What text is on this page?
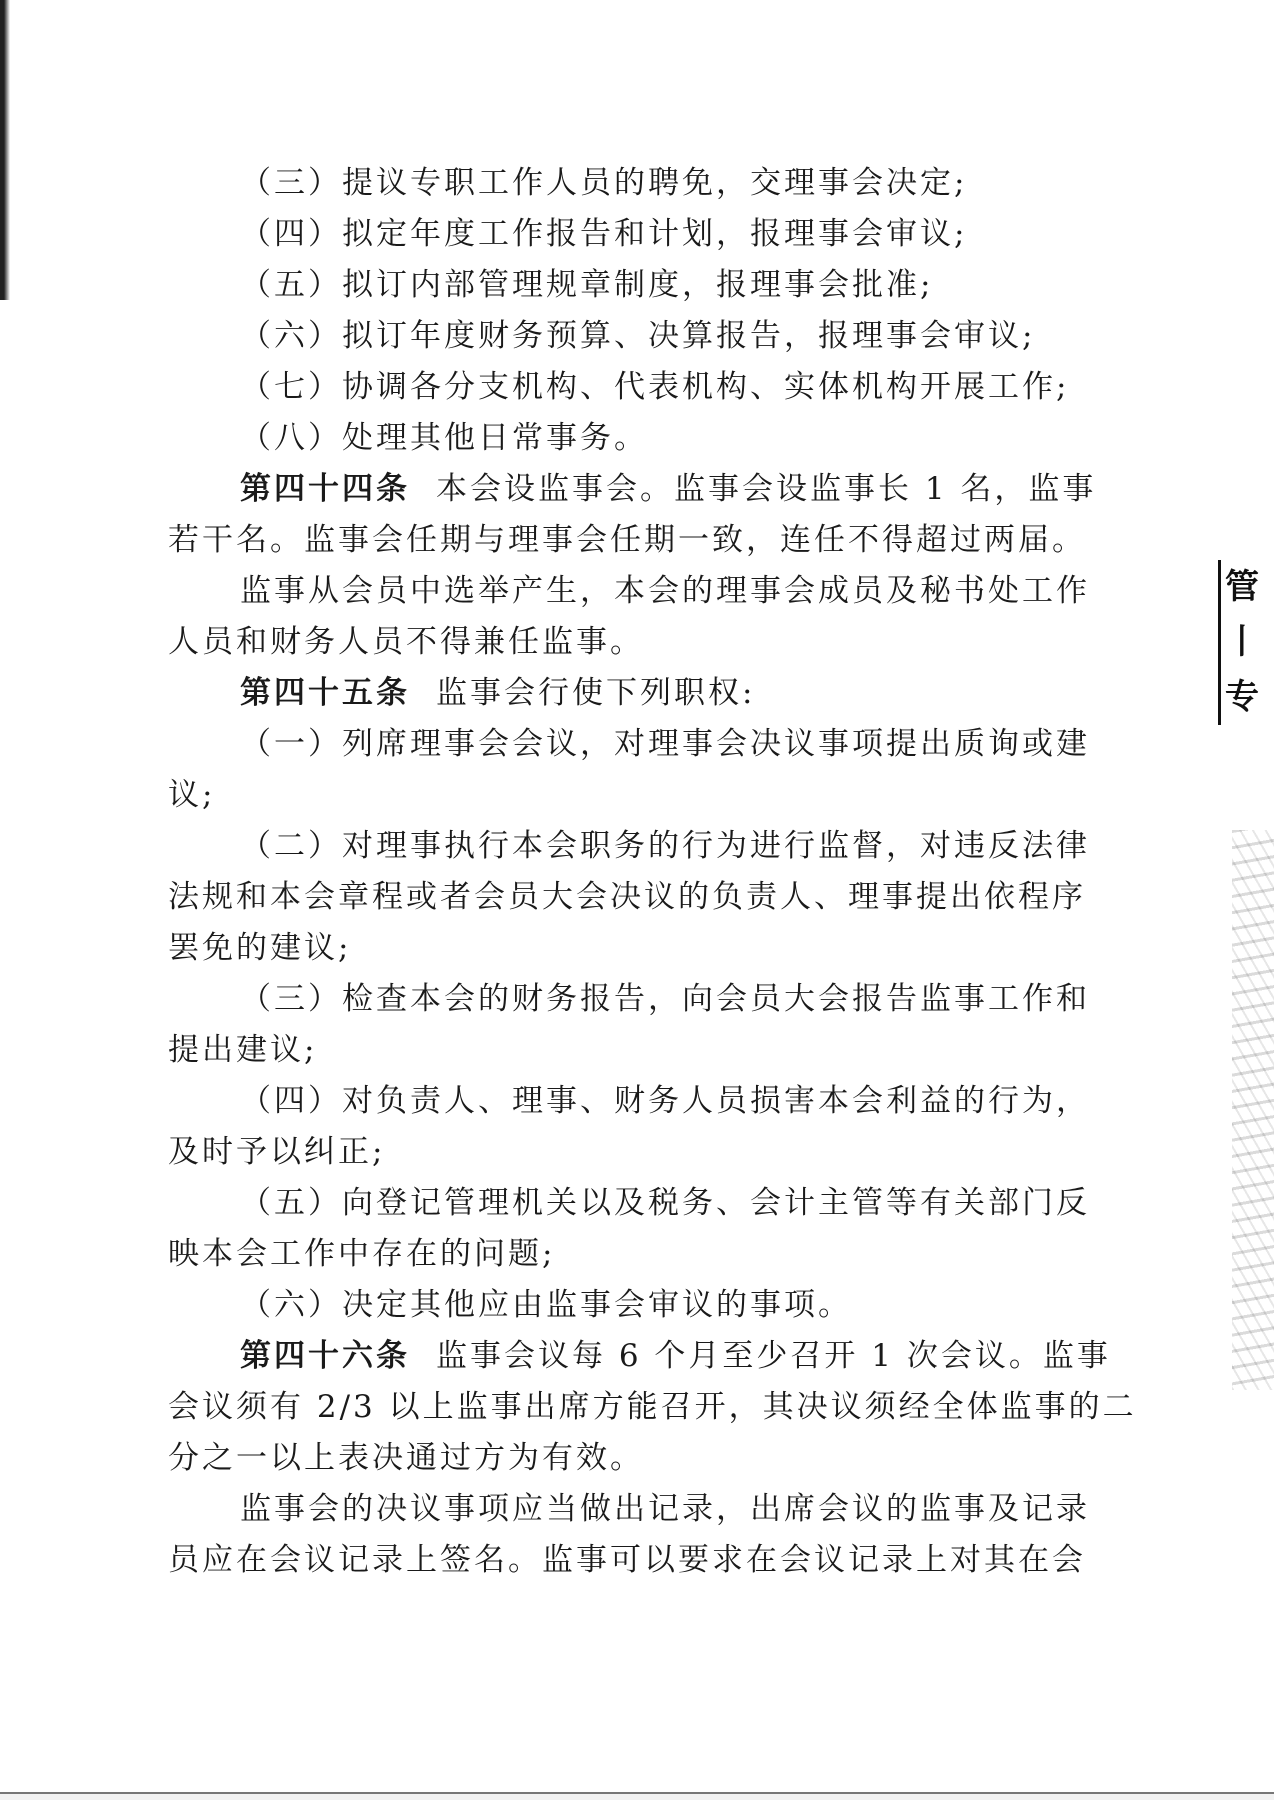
（三）提议专职工作人员的聘免，交理事会决定;

（四）拟定年度工作报告和计划，报理事会审议;

（五）拟订内部管理规章制度，报理事会批准;

（六）拟订年度财务预算、决算报告，报理事会审议;

（七）协调各分支机构、代表机构、实体机构开展工作;

（八）处理其他日常事务。

第四十四条 本会设监事会。监事会设监事长 1 名，监事

若干名。监事会任期与理事会任期一致，连任不得超过两届。

监事从会员中选举产生，本会的理事会成员及秘书处工作

人员和财务人员不得兼任监事。

第四十五条 监事会行使下列职权:

（一）列席理事会会议，对理事会决议事项提出质询或建

议;

（二）对理事执行本会职务的行为进行监督，对违反法律

法规和本会章程或者会员大会决议的负责人、理事提出依程序

罢免的建议;

（三）检查本会的财务报告，向会员大会报告监事工作和

提出建议;

（四）对负责人、理事、财务人员损害本会利益的行为，

及时予以纠正;

（五）向登记管理机关以及税务、会计主管等有关部门反

映本会工作中存在的问题;

（六）决定其他应由监事会审议的事项。

第四十六条 监事会议每 6 个月至少召开 1 次会议。监事

会议须有 2/3 以上监事出席方能召开，其决议须经全体监事的二

分之一以上表决通过方为有效。

监事会的决议事项应当做出记录，出席会议的监事及记录

员应在会议记录上签名。监事可以要求在会议记录上对其在会

管
丨
专
